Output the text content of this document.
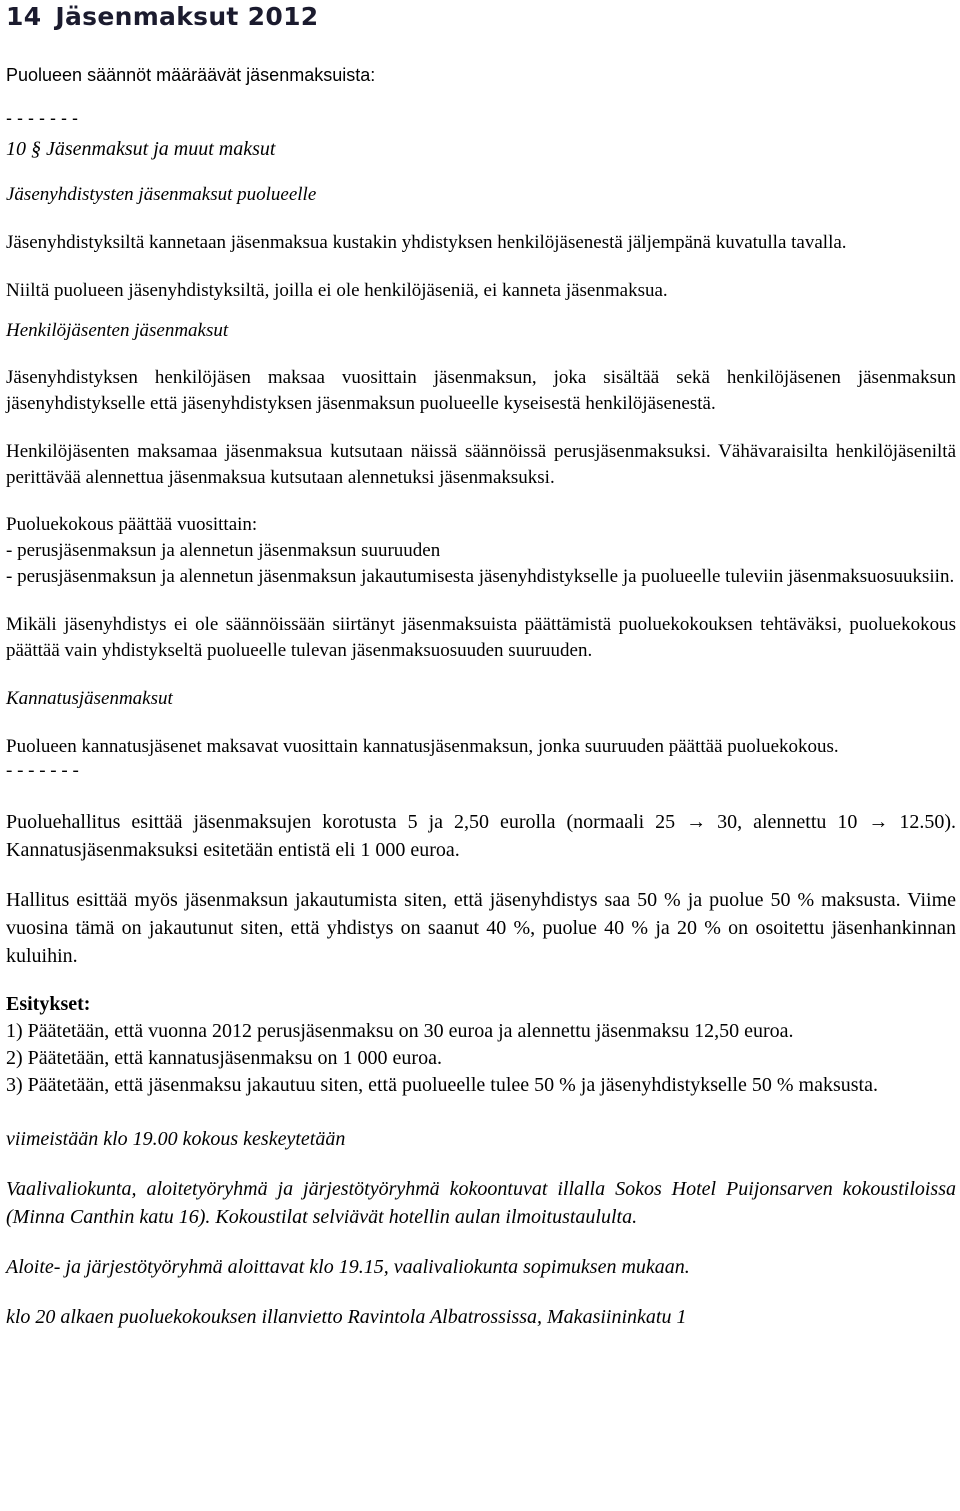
14 Jäsenmaksut 2012

Puolueen säännöt määräävät jäsenmaksuista:

- - - - - - -

10 § Jäsenmaksut ja muut maksut

Jäsenyhdistysten jäsenmaksut puolueelle

Jäsenyhdistyksiltä kannetaan jäsenmaksua kustakin yhdistyksen henkilöjäsenestä jäljempänä kuvatulla tavalla.

Niiltä puolueen jäsenyhdistyksiltä, joilla ei ole henkilöjäseniä, ei kanneta jäsenmaksua.

Henkilöjäsenten jäsenmaksut

Jäsenyhdistyksen henkilöjäsen maksaa vuosittain jäsenmaksun, joka sisältää sekä henkilöjäsenen jäsenmaksun jäsenyhdistykselle että jäsenyhdistyksen jäsenmaksun puolueelle kyseisestä henkilöjäsenestä.

Henkilöjäsenten maksamaa jäsenmaksua kutsutaan näissä säännöissä perusjäsenmaksuksi. Vähävaraisilta henkilöjäseniltä perittävää alennettua jäsenmaksua kutsutaan alennetuksi jäsenmaksuksi.

Puoluekokous päättää vuosittain:

- perusjäsenmaksun ja alennetun jäsenmaksun suuruuden

- perusjäsenmaksun ja alennetun jäsenmaksun jakautumisesta jäsenyhdistykselle ja puolueelle tuleviin jäsenmaksuosuuksiin.

Mikäli jäsenyhdistys ei ole säännöissään siirtänyt jäsenmaksuista päättämistä puoluekokouksen tehtäväksi, puoluekokous päättää vain yhdistykseltä puolueelle tulevan jäsenmaksuosuuden suuruuden.

Kannatusjäsenmaksut

Puolueen kannatusjäsenet maksavat vuosittain kannatusjäsenmaksun, jonka suuruuden päättää puoluekokous.

- - - - - - -

Puoluehallitus esittää jäsenmaksujen korotusta 5 ja 2,50 eurolla (normaali 25 → 30, alennettu 10 → 12.50). Kannatusjäsenmaksuksi esitetään entistä eli 1 000 euroa.

Hallitus esittää myös jäsenmaksun jakautumista siten, että jäsenyhdistys saa 50 % ja puolue 50 % maksusta. Viime vuosina tämä on jakautunut siten, että yhdistys on saanut 40 %, puolue 40 % ja 20 % on osoitettu jäsenhankinnan kuluihin.

Esitykset:

1) Päätetään, että vuonna 2012 perusjäsenmaksu on 30 euroa ja alennettu jäsenmaksu 12,50 euroa.

2) Päätetään, että kannatusjäsenmaksu on 1 000 euroa.

3) Päätetään, että jäsenmaksu jakautuu siten, että puolueelle tulee 50 % ja jäsenyhdistykselle 50 % maksusta.

viimeistään klo 19.00 kokous keskeytetään

Vaalivaliokunta, aloitetyöryhmä ja järjestötyöryhmä kokoontuvat illalla Sokos Hotel Puijonsarven kokoustiloissa (Minna Canthin katu 16). Kokoustilat selviävät hotellin aulan ilmoitustaululta.

Aloite- ja järjestötyöryhmä aloittavat klo 19.15, vaalivaliokunta sopimuksen mukaan.

klo 20 alkaen puoluekokouksen illanvietto Ravintola Albatrossissa, Makasiininkatu 1
